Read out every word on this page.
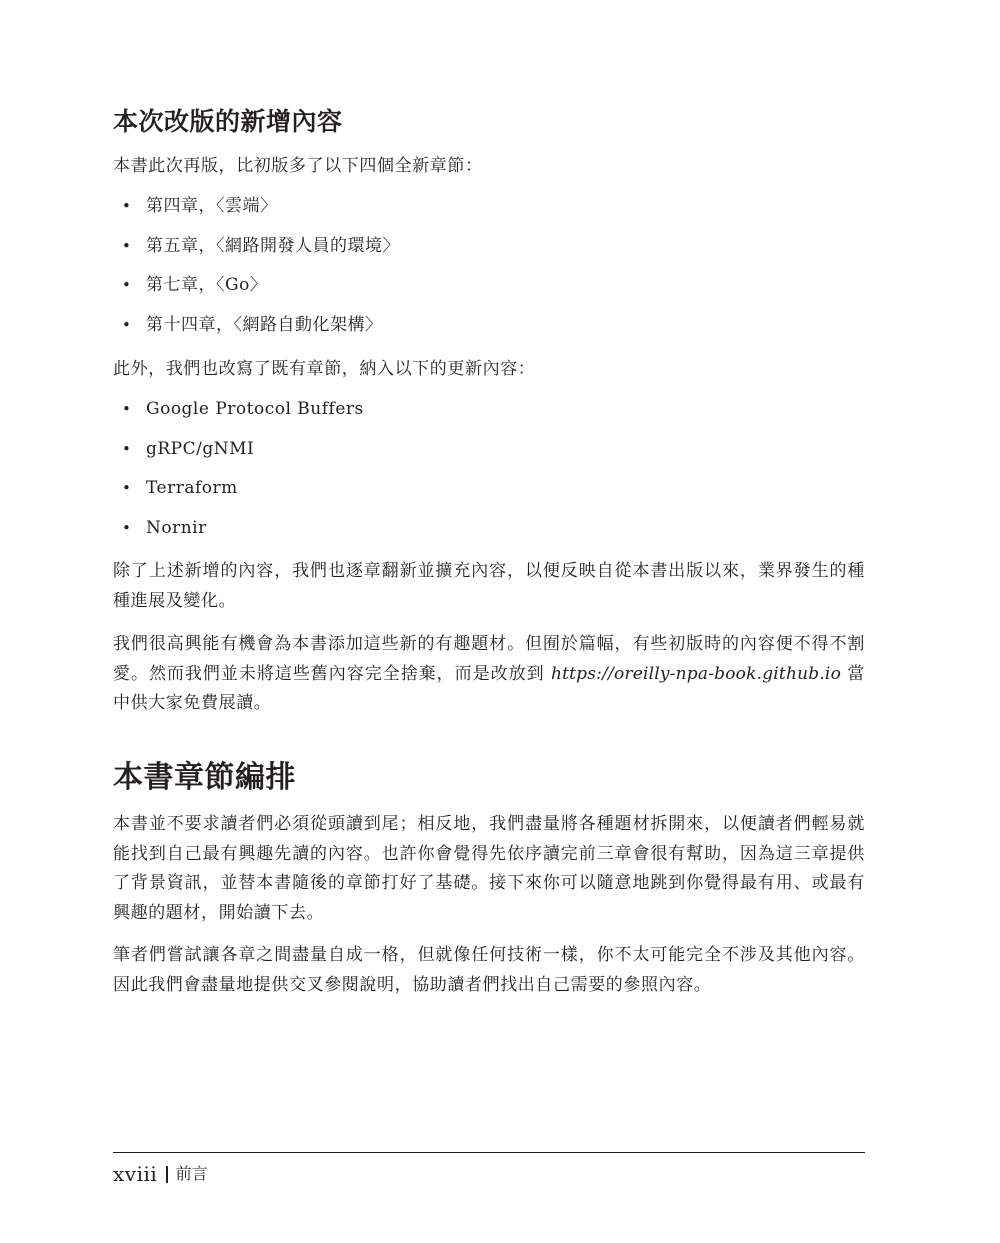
本次改版的新增內容

本書此次再版，比初版多了以下四個全新章節：

• 第四章，〈雲端〉
• 第五章，〈網路開發人員的環境〉
• 第七章，〈Go〉
• 第十四章，〈網路自動化架構〉

此外，我們也改寫了既有章節，納入以下的更新內容：

• Google Protocol Buffers
• gRPC/gNMI
• Terraform
• Nornir

除了上述新增的內容，我們也逐章翻新並擴充內容，以便反映自從本書出版以來，業界發生的種種進展及變化。

我們很高興能有機會為本書添加這些新的有趣題材。但囿於篇幅，有些初版時的內容便不得不割愛。然而我們並未將這些舊內容完全捨棄，而是改放到 https://oreilly-npa-book.github.io 當中供大家免費展讀。

本書章節編排

本書並不要求讀者們必須從頭讀到尾；相反地，我們盡量將各種題材拆開來，以便讀者們輕易就能找到自己最有興趣先讀的內容。也許你會覺得先依序讀完前三章會很有幫助，因為這三章提供了背景資訊，並替本書隨後的章節打好了基礎。接下來你可以隨意地跳到你覺得最有用、或最有興趣的題材，開始讀下去。

筆者們嘗試讓各章之間盡量自成一格，但就像任何技術一樣，你不太可能完全不涉及其他內容。因此我們會盡量地提供交叉參閱說明，協助讀者們找出自己需要的參照內容。

xviii 前言
